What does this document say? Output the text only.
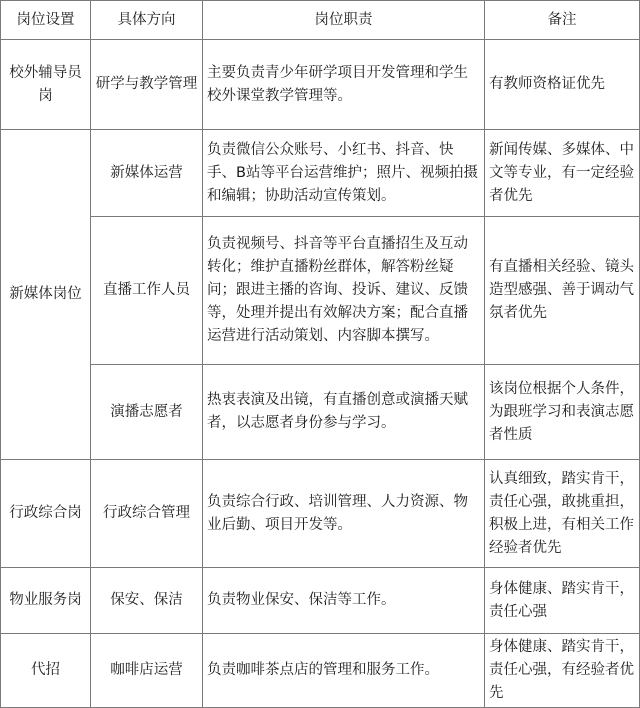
岗位设置	具体方向	岗位职责	备注
校外辅导员岗	研学与教学管理	主要负责青少年研学项目开发管理和学生校外课堂教学管理等。	有教师资格证优先
新媒体岗位	新媒体运营	负责微信公众账号、小红书、抖音、快手、B站等平台运营维护；照片、视频拍摄和编辑；协助活动宣传策划。	新闻传媒、多媒体、中文等专业，有一定经验者优先
	直播工作人员	负责视频号、抖音等平台直播招生及互动转化；维护直播粉丝群体，解答粉丝疑问；跟进主播的咨询、投诉、建议、反馈等，处理并提出有效解决方案；配合直播运营进行活动策划、内容脚本撰写。	有直播相关经验、镜头造型感强、善于调动气氛者优先
	演播志愿者	热衷表演及出镜，有直播创意或演播天赋者，以志愿者身份参与学习。	该岗位根据个人条件，为跟班学习和表演志愿者性质
行政综合岗	行政综合管理	负责综合行政、培训管理、人力资源、物业后勤、项目开发等。	认真细致，踏实肯干，责任心强，敢挑重担，积极上进，有相关工作经验者优先
物业服务岗	保安、保洁	负责物业保安、保洁等工作。	身体健康、踏实肯干，责任心强
代招	咖啡店运营	负责咖啡茶点店的管理和服务工作。	身体健康、踏实肯干，责任心强，有经验者优先
